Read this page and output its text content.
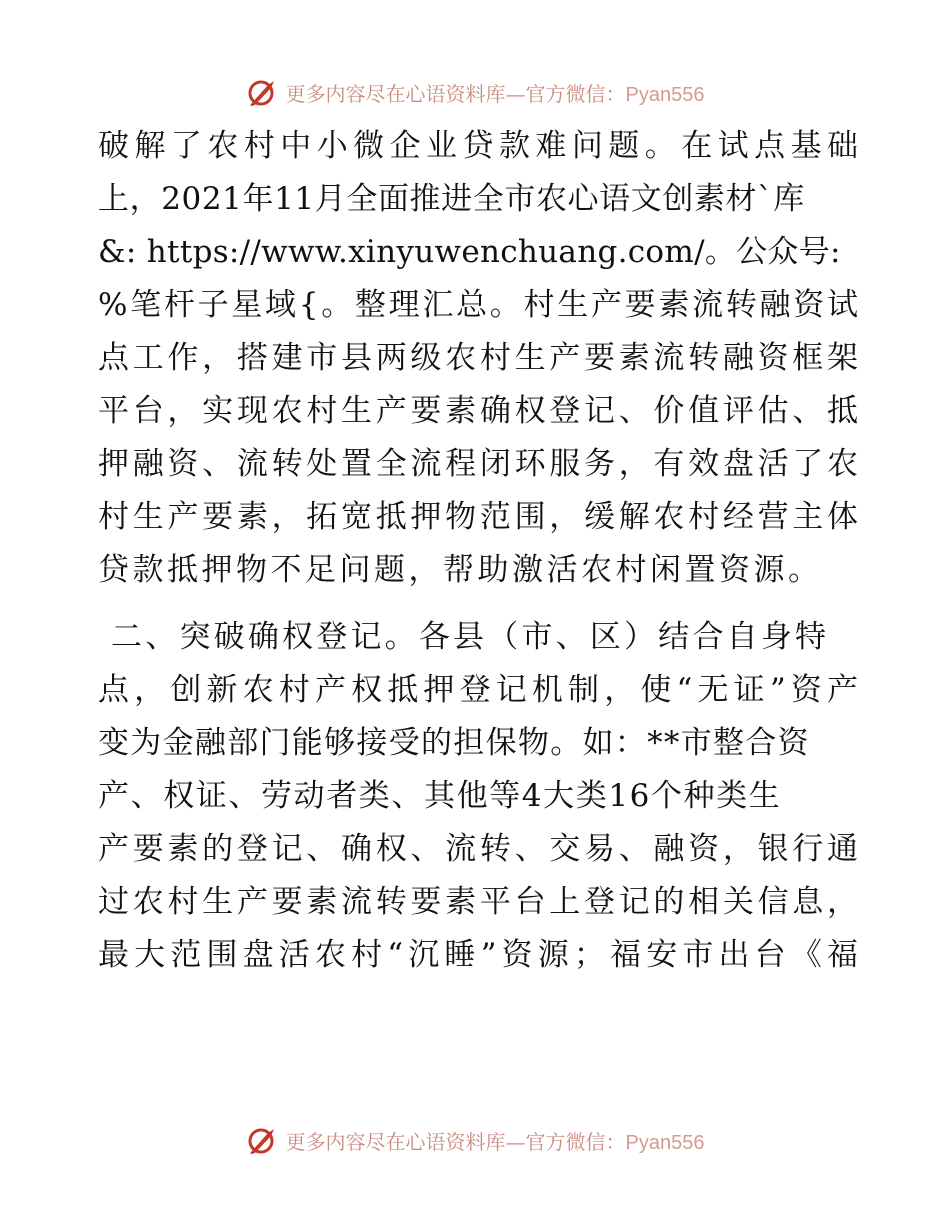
更多内容尽在心语资料库—官方微信：Pyan556
破解了农村中小微企业贷款难问题。在试点基础
上，2021年11月全面推进全市农心语文创素材`库
&: https://www.xinyuwenchuang.com/。公众号:
%笔杆子星域{。整理汇总。村生产要素流转融资试
点工作，搭建市县两级农村生产要素流转融资框架
平台，实现农村生产要素确权登记、价值评估、抵
押融资、流转处置全流程闭环服务，有效盘活了农
村生产要素，拓宽抵押物范围，缓解农村经营主体
贷款抵押物不足问题，帮助激活农村闲置资源。
二、突破确权登记。各县（市、区）结合自身特
点，创新农村产权抵押登记机制，使“无证”资产
变为金融部门能够接受的担保物。如：**市整合资
产、权证、劳动者类、其他等4大类16个种类生
产要素的登记、确权、流转、交易、融资，银行通
过农村生产要素流转要素平台上登记的相关信息，
最大范围盘活农村“沉睡”资源；福安市出台《福
更多内容尽在心语资料库—官方微信：Pyan556
